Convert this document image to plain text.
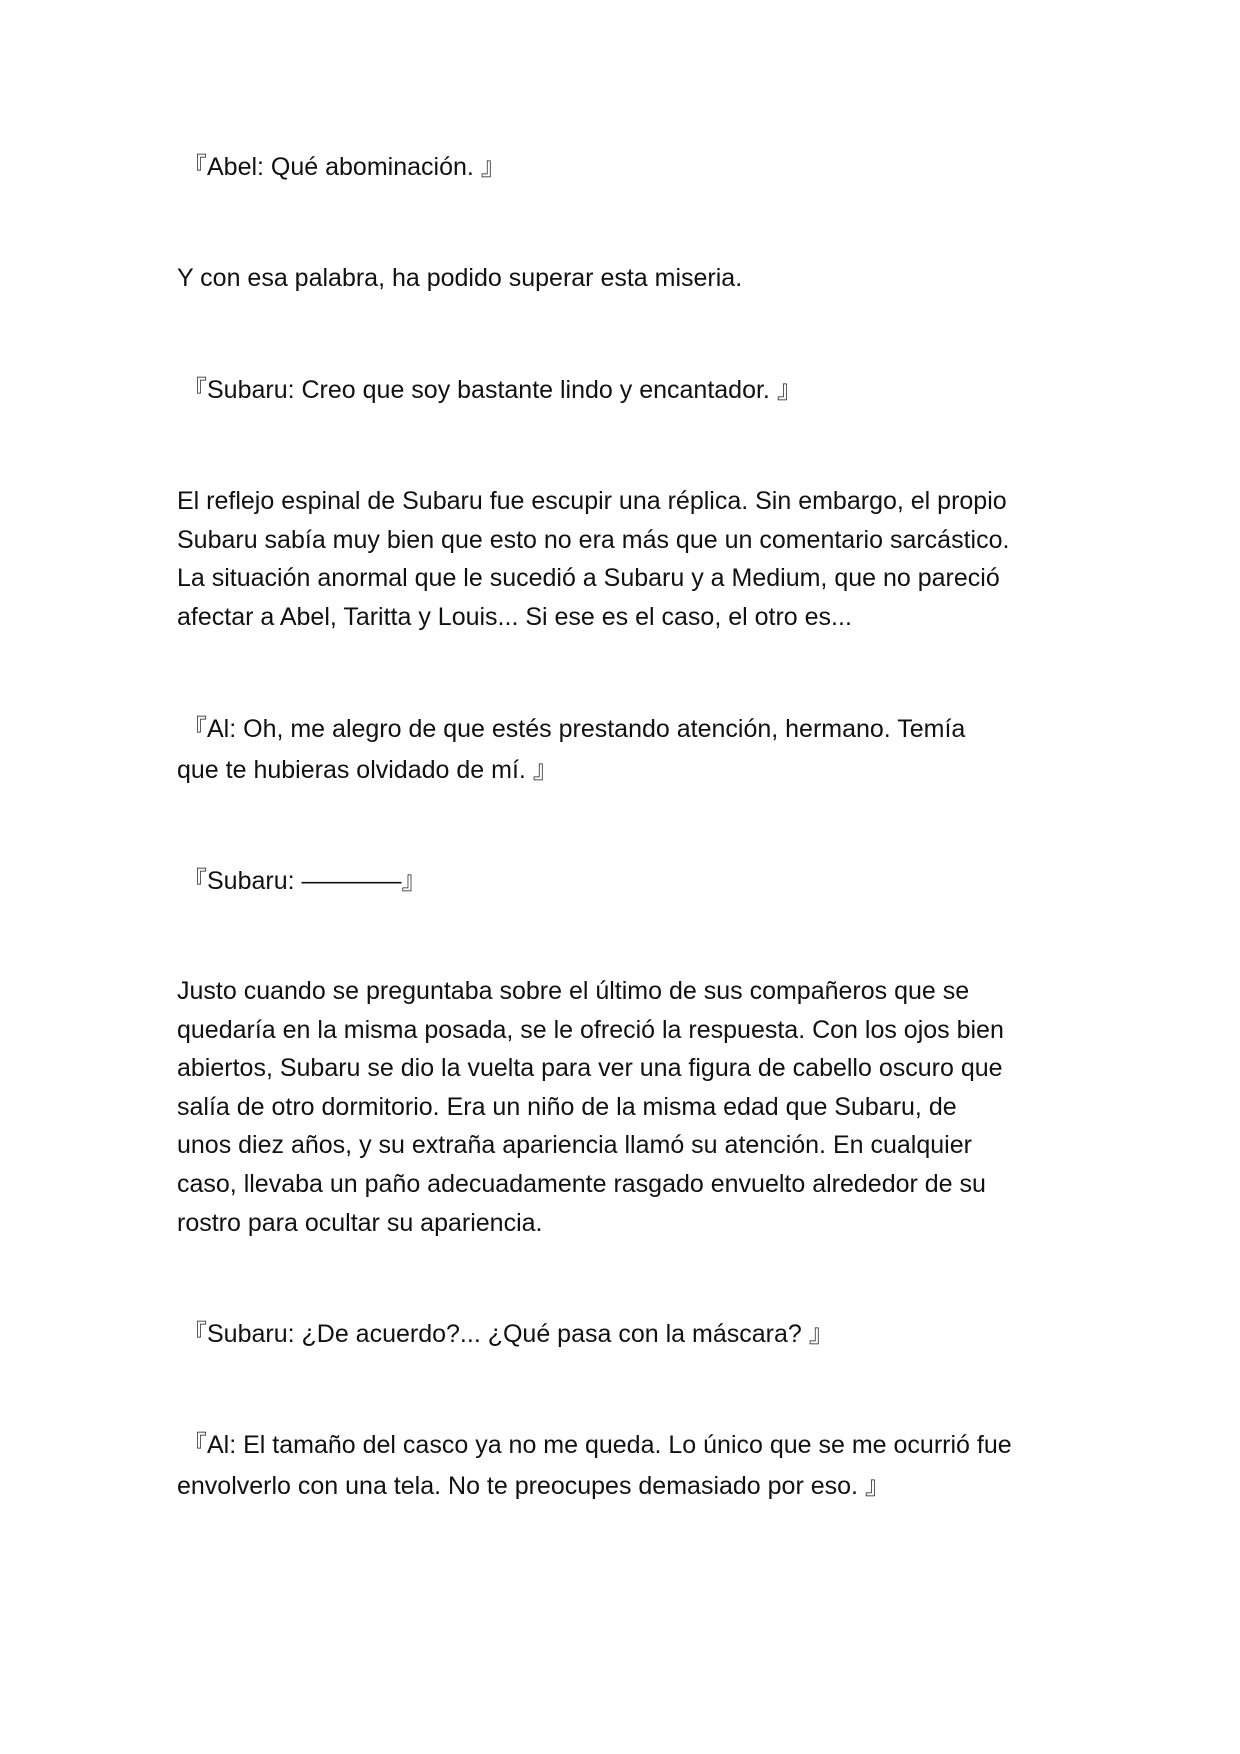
『Abel: Qué abominación. 』

Y con esa palabra, ha podido superar esta miseria.

『Subaru: Creo que soy bastante lindo y encantador. 』

El reflejo espinal de Subaru fue escupir una réplica. Sin embargo, el propio
Subaru sabía muy bien que esto no era más que un comentario sarcástico.
La situación anormal que le sucedió a Subaru y a Medium, que no pareció
afectar a Abel, Taritta y Louis... Si ese es el caso, el otro es...

『Al: Oh, me alegro de que estés prestando atención, hermano. Temía
que te hubieras olvidado de mí. 』

『Subaru: ————』

Justo cuando se preguntaba sobre el último de sus compañeros que se
quedaría en la misma posada, se le ofreció la respuesta. Con los ojos bien
abiertos, Subaru se dio la vuelta para ver una figura de cabello oscuro que
salía de otro dormitorio. Era un niño de la misma edad que Subaru, de
unos diez años, y su extraña apariencia llamó su atención. En cualquier
caso, llevaba un paño adecuadamente rasgado envuelto alrededor de su
rostro para ocultar su apariencia.

『Subaru: ¿De acuerdo?... ¿Qué pasa con la máscara? 』

『Al: El tamaño del casco ya no me queda. Lo único que se me ocurrió fue
envolverlo con una tela. No te preocupes demasiado por eso. 』
